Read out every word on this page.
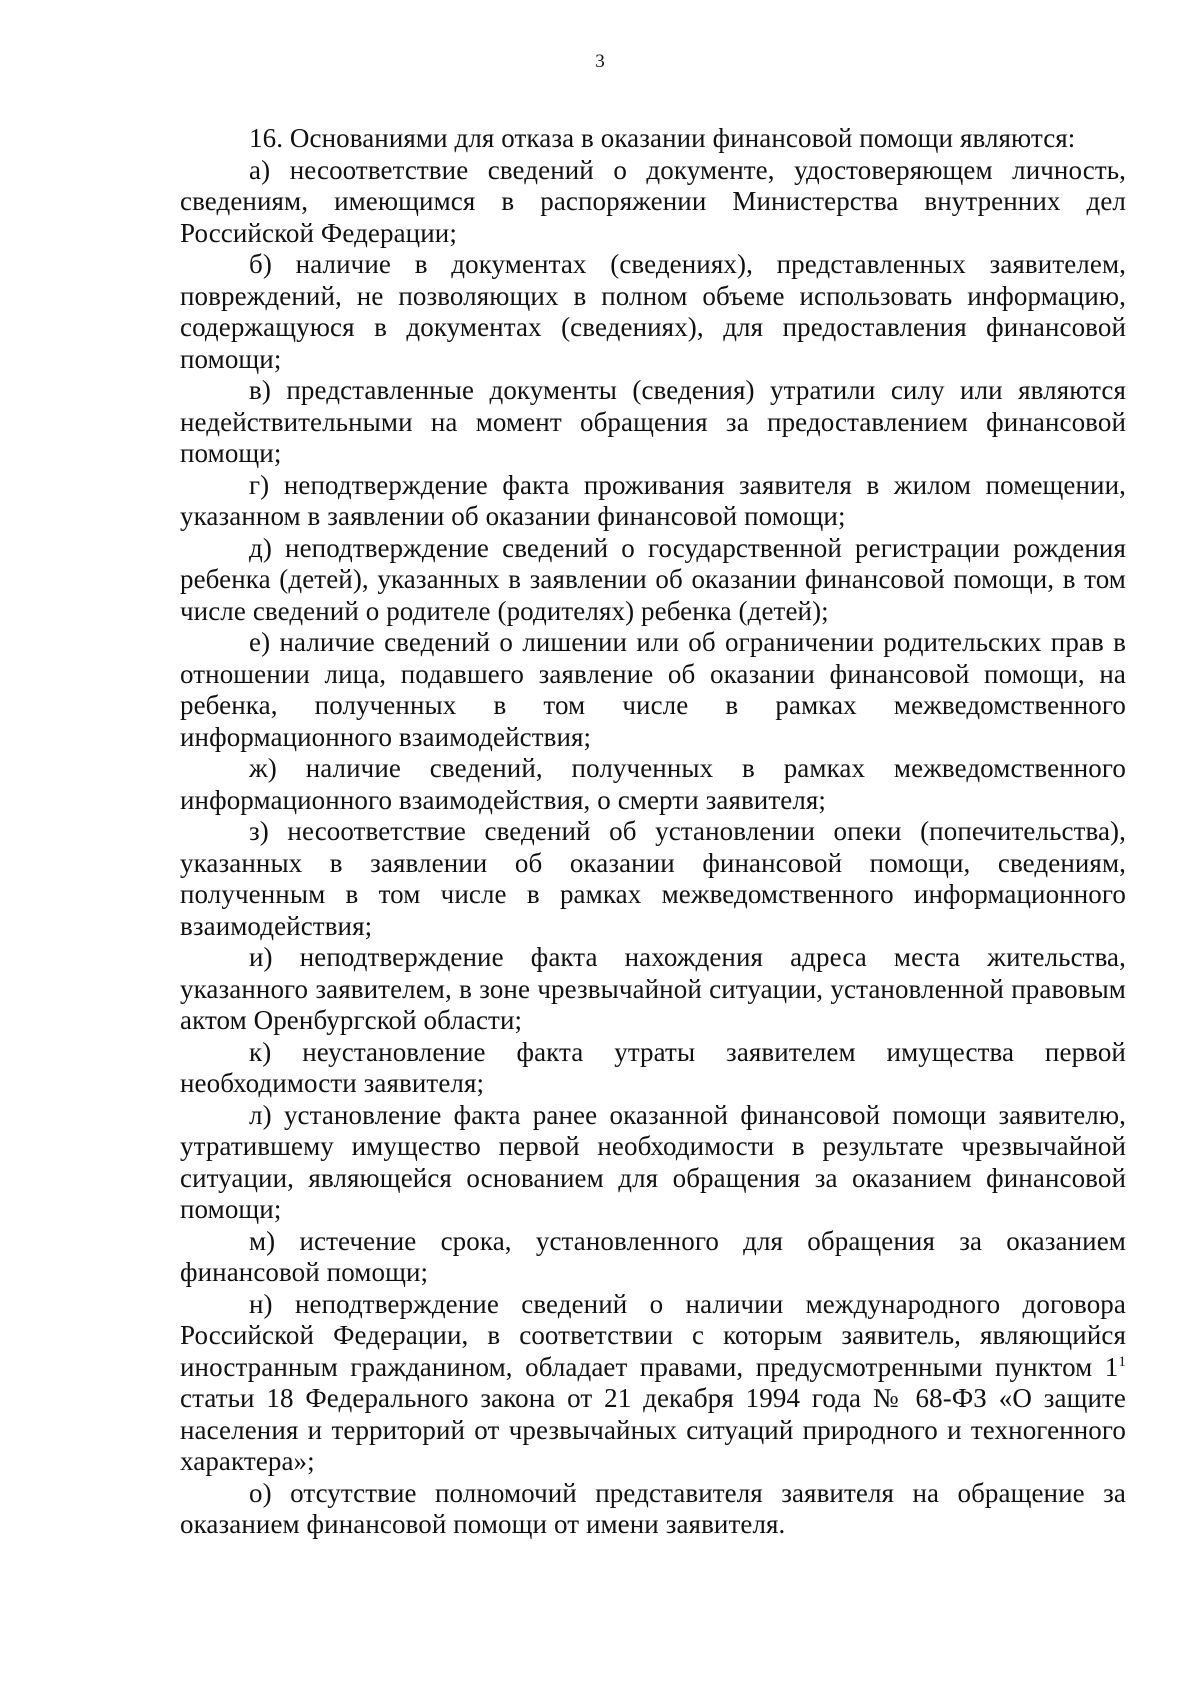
3

16. Основаниями для отказа в оказании финансовой помощи являются:

а) несоответствие сведений о документе, удостоверяющем личность, сведениям, имеющимся в распоряжении Министерства внутренних дел Российской Федерации;

б) наличие в документах (сведениях), представленных заявителем, повреждений, не позволяющих в полном объеме использовать информацию, содержащуюся в документах (сведениях), для предоставления финансовой помощи;

в) представленные документы (сведения) утратили силу или являются недействительными на момент обращения за предоставлением финансовой помощи;

г) неподтверждение факта проживания заявителя в жилом помещении, указанном в заявлении об оказании финансовой помощи;

д) неподтверждение сведений о государственной регистрации рождения ребенка (детей), указанных в заявлении об оказании финансовой помощи, в том числе сведений о родителе (родителях) ребенка (детей);

е) наличие сведений о лишении или об ограничении родительских прав в отношении лица, подавшего заявление об оказании финансовой помощи, на ребенка, полученных в том числе в рамках межведомственного информационного взаимодействия;

ж) наличие сведений, полученных в рамках межведомственного информационного взаимодействия, о смерти заявителя;

з) несоответствие сведений об установлении опеки (попечительства), указанных в заявлении об оказании финансовой помощи, сведениям, полученным в том числе в рамках межведомственного информационного взаимодействия;

и) неподтверждение факта нахождения адреса места жительства, указанного заявителем, в зоне чрезвычайной ситуации, установленной правовым актом Оренбургской области;

к) неустановление факта утраты заявителем имущества первой необходимости заявителя;

л) установление факта ранее оказанной финансовой помощи заявителю, утратившему имущество первой необходимости в результате чрезвычайной ситуации, являющейся основанием для обращения за оказанием финансовой помощи;

м) истечение срока, установленного для обращения за оказанием финансовой помощи;

н) неподтверждение сведений о наличии международного договора Российской Федерации, в соответствии с которым заявитель, являющийся иностранным гражданином, обладает правами, предусмотренными пунктом $1^1$ статьи 18 Федерального закона от 21 декабря 1994 года № 68-ФЗ «О защите населения и территорий от чрезвычайных ситуаций природного и техногенного характера»;

о) отсутствие полномочий представителя заявителя на обращение за оказанием финансовой помощи от имени заявителя.
